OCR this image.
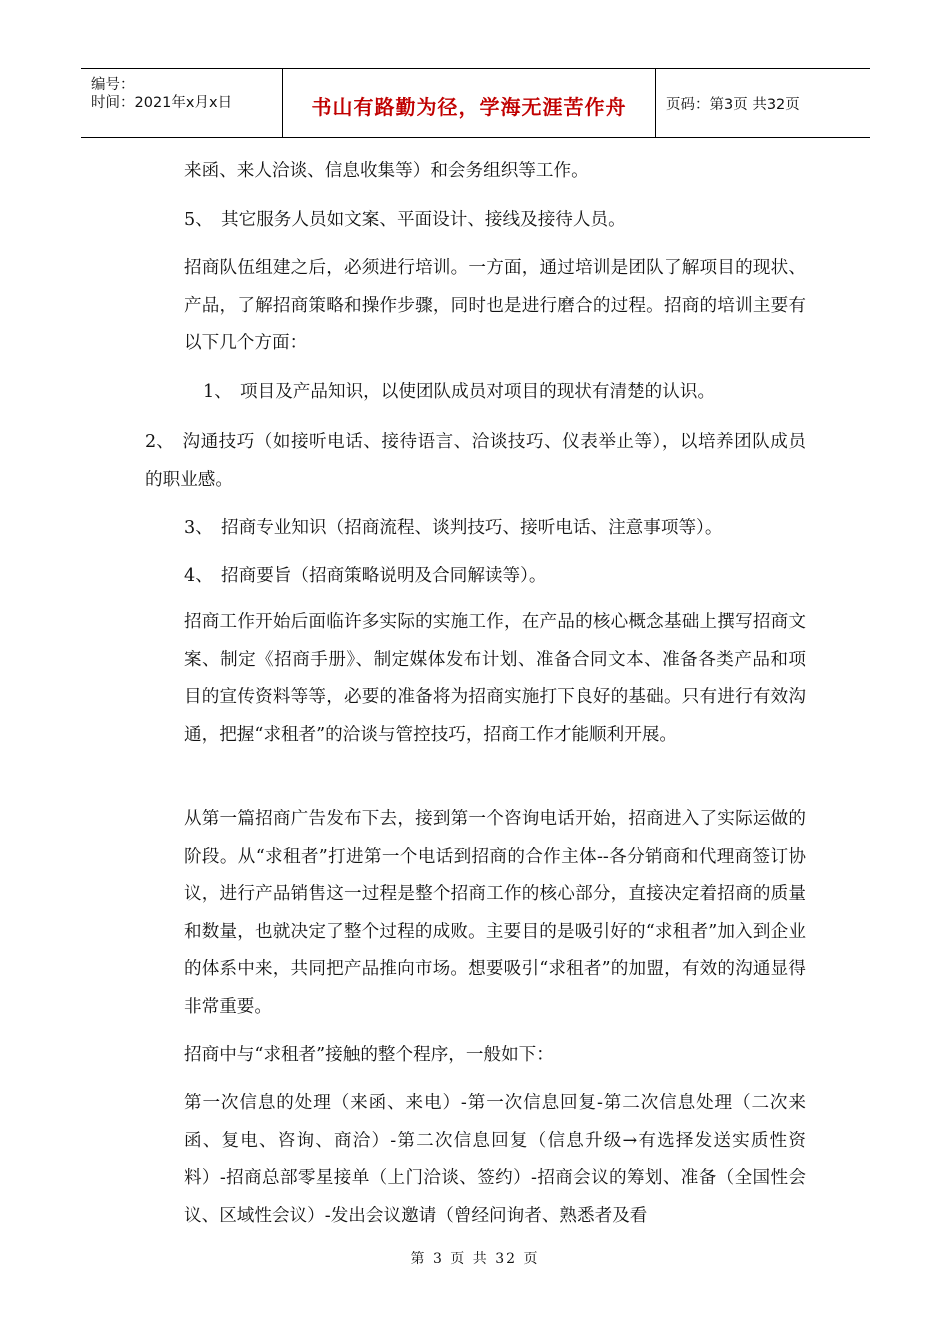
编号：
时间：2021年x月x日	书山有路勤为径，学海无涯苦作舟	页码：第3页 共32页

来函、来人洽谈、信息收集等）和会务组织等工作。

5、 其它服务人员如文案、平面设计、接线及接待人员。

招商队伍组建之后，必须进行培训。一方面，通过培训是团队了解项目的现状、产品，了解招商策略和操作步骤，同时也是进行磨合的过程。招商的培训主要有以下几个方面：

1、 项目及产品知识，以使团队成员对项目的现状有清楚的认识。

2、 沟通技巧（如接听电话、接待语言、洽谈技巧、仪表举止等），以培养团队成员的职业感。

3、 招商专业知识（招商流程、谈判技巧、接听电话、注意事项等）。

4、 招商要旨（招商策略说明及合同解读等）。

招商工作开始后面临许多实际的实施工作，在产品的核心概念基础上撰写招商文案、制定《招商手册》、制定媒体发布计划、准备合同文本、准备各类产品和项目的宣传资料等等，必要的准备将为招商实施打下良好的基础。只有进行有效沟通，把握“求租者”的洽谈与管控技巧，招商工作才能顺利开展。

从第一篇招商广告发布下去，接到第一个咨询电话开始，招商进入了实际运做的阶段。从“求租者”打进第一个电话到招商的合作主体--各分销商和代理商签订协议，进行产品销售这一过程是整个招商工作的核心部分，直接决定着招商的质量和数量，也就决定了整个过程的成败。主要目的是吸引好的“求租者”加入到企业的体系中来，共同把产品推向市场。想要吸引“求租者”的加盟，有效的沟通显得非常重要。

招商中与“求租者”接触的整个程序，一般如下：

第一次信息的处理（来函、来电）-第一次信息回复-第二次信息处理（二次来函、复电、咨询、商洽）-第二次信息回复（信息升级→有选择发送实质性资料）-招商总部零星接单（上门洽谈、签约）-招商会议的筹划、准备（全国性会议、区域性会议）-发出会议邀请（曾经问询者、熟悉者及看

第 3 页 共 32 页
